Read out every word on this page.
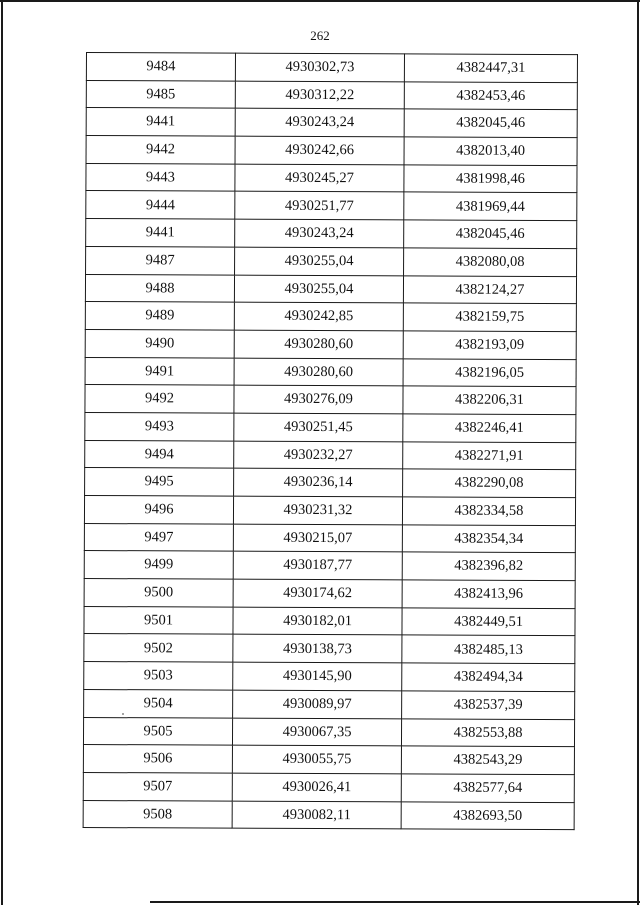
262
9484	4930302,73	4382447,31
9485	4930312,22	4382453,46
9441	4930243,24	4382045,46
9442	4930242,66	4382013,40
9443	4930245,27	4381998,46
9444	4930251,77	4381969,44
9441	4930243,24	4382045,46
9487	4930255,04	4382080,08
9488	4930255,04	4382124,27
9489	4930242,85	4382159,75
9490	4930280,60	4382193,09
9491	4930280,60	4382196,05
9492	4930276,09	4382206,31
9493	4930251,45	4382246,41
9494	4930232,27	4382271,91
9495	4930236,14	4382290,08
9496	4930231,32	4382334,58
9497	4930215,07	4382354,34
9499	4930187,77	4382396,82
9500	4930174,62	4382413,96
9501	4930182,01	4382449,51
9502	4930138,73	4382485,13
9503	4930145,90	4382494,34
9504	4930089,97	4382537,39
9505	4930067,35	4382553,88
9506	4930055,75	4382543,29
9507	4930026,41	4382577,64
9508	4930082,11	4382693,50
